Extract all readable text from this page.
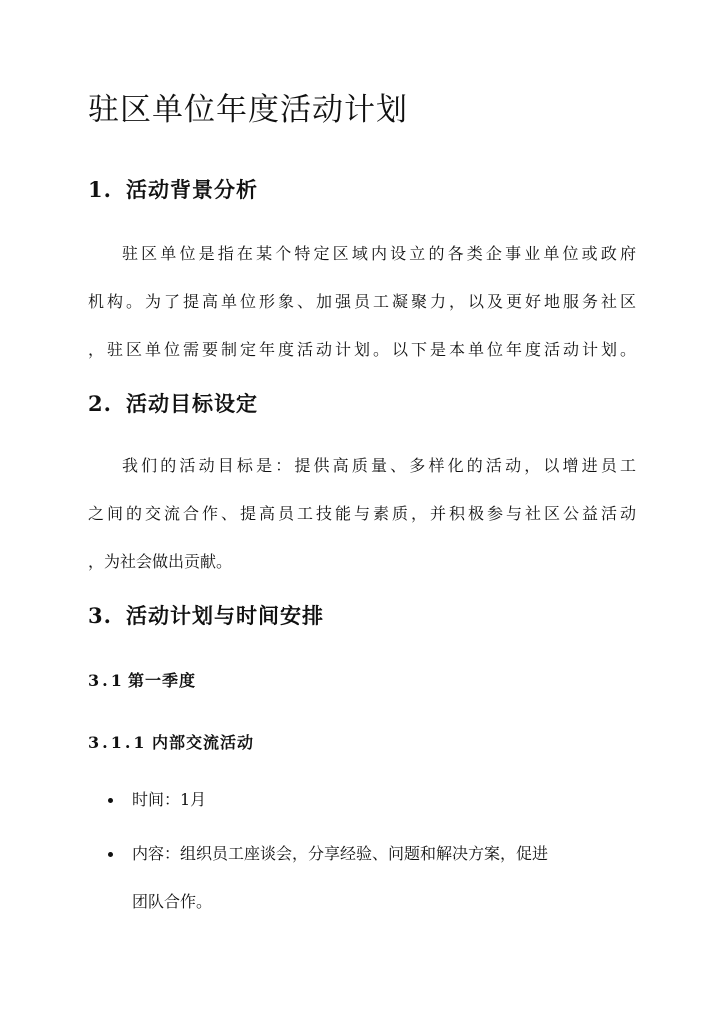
驻区单位年度活动计划
1. 活动背景分析
驻区单位是指在某个特定区域内设立的各类企事业单位或政府
机构。为了提高单位形象、加强员工凝聚力，以及更好地服务社区
，驻区单位需要制定年度活动计划。以下是本单位年度活动计划。
2. 活动目标设定
我们的活动目标是：提供高质量、多样化的活动，以增进员工
之间的交流合作、提高员工技能与素质，并积极参与社区公益活动
，为社会做出贡献。
3. 活动计划与时间安排
3.1 第一季度
3.1.1 内部交流活动
时间：1月
内容：组织员工座谈会，分享经验、问题和解决方案，促进
团队合作。
